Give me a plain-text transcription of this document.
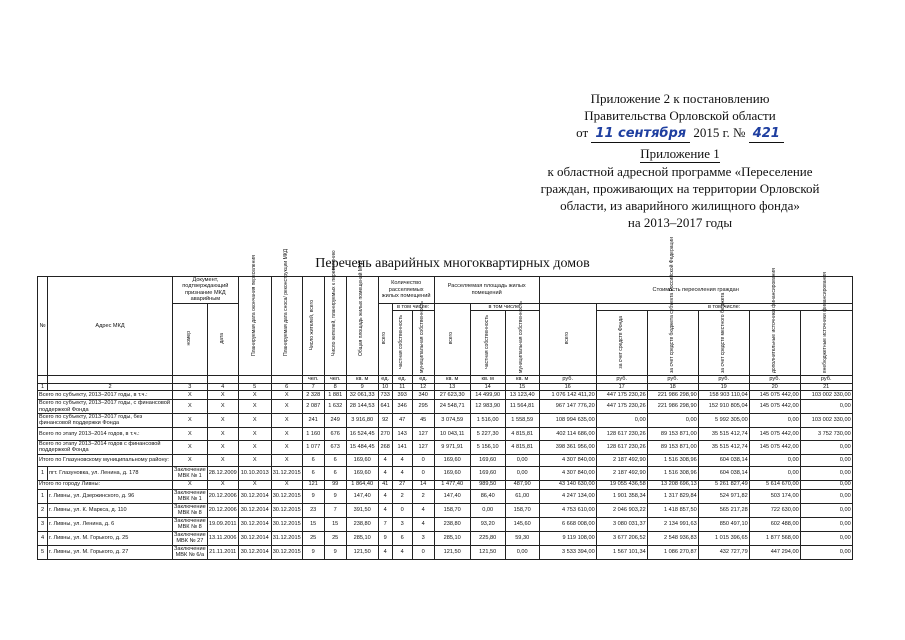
Приложение 2 к постановлению
Правительства Орловской области
от 11 сентября 2015 г. № 421
Приложение 1
к областной адресной программе «Переселение
граждан, проживающих на территории Орловской
области, из аварийного жилищного фонда»
на 2013–2017 годы
Перечень аварийных многоквартирных домов
№	Адрес МКД	Документ, подтверждающий признание МКД аварийным		Планируемая дата окончания переселения	Планируемая дата сноса/ реконструкции МКД	Число жителей, всего	Число жителей, планируемых к переселению	Общая площадь жилых помещений МКД	Количество расселяемых жилых помещений			Расселяемая площадь жилых помещений			Стоимость переселения граждан					
		номер	дата						всего	в том числе:		всего	в том числе:		всего	в том числе:				
										частная собственность	муниципальная собственность		частная собственность	муниципальная собственность		за счет средств Фонда	за счет средств бюджета субъекта Российской Федерации	за счет средств местного бюджета	дополнительные источники финансирования	внебюджетные источники финансирования
						чел.	чел.	кв. м	ед.	ед.	ед.	кв. м	кв. м	кв. м	руб.	руб.	руб.	руб.	руб.	руб.
1	2	3	4	5	6	7	8	9	10	11	12	13	14	15	16	17	18	19	20	21
Всего по субъекту, 2013–2017 годы, в т.ч.:		X	X	X	X	2 328	1 881	32 061,33	733	393	340	27 623,30	14 499,90	13 123,40	1 076 142 411,20	447 175 230,26	221 986 298,90	158 903 110,04	145 075 442,00	103 002 330,00
Всего по субъекту, 2013–2017 годы, с финансовой поддержкой Фонда		X	X	X	X	2 087	1 632	28 144,53	641	346	295	24 548,71	12 983,90	11 564,81	967 147 776,20	447 175 230,26	221 986 298,90	152 910 805,04	145 075 442,00	0,00
Всего по субъекту, 2013–2017 годы, без финансовой поддержки Фонда		X	X	X	X	241	249	3 916,80	92	47	45	3 074,59	1 516,00	1 558,59	108 994 635,00	0,00	0,00	5 992 305,00	0,00	103 002 330,00
Всего по этапу 2013–2014 годов, в т.ч.:		X	X	X	X	1 160	676	16 524,45	270	143	127	10 043,11	5 227,30	4 815,81	402 114 686,00	128 617 230,26	89 153 871,00	35 515 412,74	145 075 442,00	3 752 730,00
Всего по этапу 2013–2014 годов с финансовой поддержкой Фонда		X	X	X	X	1 077	673	15 484,45	268	141	127	9 971,91	5 156,10	4 815,81	398 361 956,00	128 617 230,26	89 153 871,00	35 515 412,74	145 075 442,00	0,00
Итого по Глазуновскому муниципальному району:		X	X	X	X	6	6	169,60	4	4	0	169,60	169,60	0,00	4 307 840,00	2 187 492,90	1 516 308,96	604 038,14	0,00	0,00
1	пгт. Глазуновка, ул. Ленина, д. 178	Заключение МВК № 1	28.12.2009	10.10.2013	31.12.2015	6	6	169,60	4	4	0	169,60	169,60	0,00	4 307 840,00	2 187 492,90	1 516 308,96	604 038,14	0,00	0,00
Итого по городу Ливны:		X	X	X	X	121	99	1 864,40	41	27	14	1 477,40	989,50	487,90	43 140 630,00	19 055 436,58	13 208 696,13	5 261 827,49	5 614 670,00	0,00
1	г. Ливны, ул. Дзержинского, д. 96	Заключение МВК № 1	20.12.2006	30.12.2014	30.12.2015	9	9	147,40	4	2	2	147,40	86,40	61,00	4 247 134,00	1 901 358,34	1 317 829,84	524 971,82	503 174,00	0,00
2	г. Ливны, ул. К. Маркса, д. 110	Заключение МВК № 8	20.12.2006	30.12.2014	30.12.2015	23	7	391,50	4	0	4	158,70	0,00	158,70	4 753 610,00	2 046 903,22	1 418 857,50	565 217,28	722 630,00	0,00
3	г. Ливны, ул. Ленина, д. 6	Заключение МВК № 8	19.09.2011	30.12.2014	30.12.2015	15	15	238,80	7	3	4	238,80	93,20	145,60	6 668 008,00	3 080 031,37	2 134 991,63	850 497,10	602 488,00	0,00
4	г. Ливны, ул. М. Горького, д. 25	Заключение МВК № 27	13.11.2006	30.12.2014	31.12.2015	25	25	285,10	9	6	3	285,10	225,80	59,30	9 119 108,00	3 677 206,52	2 548 936,83	1 015 396,65	1 877 568,00	0,00
5	г. Ливны, ул. М. Горького, д. 27	Заключение МВК № 6/а	21.11.2011	30.12.2014	30.12.2015	9	9	121,50	4	4	0	121,50	121,50	0,00	3 533 394,00	1 567 101,34	1 086 270,87	432 727,79	447 294,00	0,00
